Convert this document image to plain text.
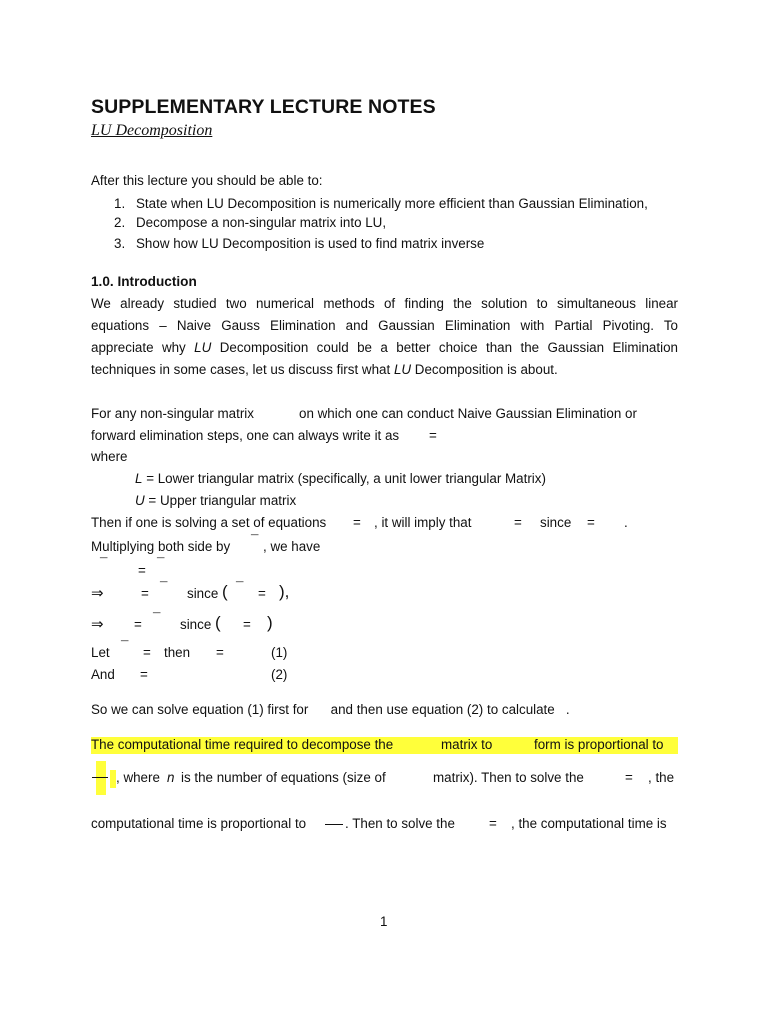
SUPPLEMENTARY LECTURE NOTES
LU Decomposition
After this lecture you should be able to:
1. State when LU Decomposition is numerically more efficient than Gaussian Elimination,
2. Decompose a non-singular matrix into LU,
3. Show how LU Decomposition is used to find matrix inverse
1.0. Introduction
We already studied two numerical methods of finding the solution to simultaneous linear
equations – Naive Gauss Elimination and Gaussian Elimination with Partial Pivoting. To
appreciate why LU Decomposition could be a better choice than the Gaussian Elimination
techniques in some cases, let us discuss first what LU Decomposition is about.
For any non-singular matrix	on which one can conduct Naive Gaussian Elimination or
forward elimination steps, one can always write it as =
where
L = Lower triangular matrix (specifically, a unit lower triangular Matrix)
U = Upper triangular matrix
Then if one is solving a set of equations = , it will imply that	= since = .
Multiplying both side by ¯ , we have
¯ = ¯
⇒	= ¯ since ( ¯ = ),
⇒ = ¯ since ( = )
Let ¯ = then =	(1)
And =	(2)
So we can solve equation (1) first for      and then use equation (2) to calculate   .
The computational time required to decompose the	matrix to	form is proportional to
, where n is the number of equations (size of	matrix). Then to solve the	= , the
computational time is proportional to	. Then to solve the	= , the computational time is
1
